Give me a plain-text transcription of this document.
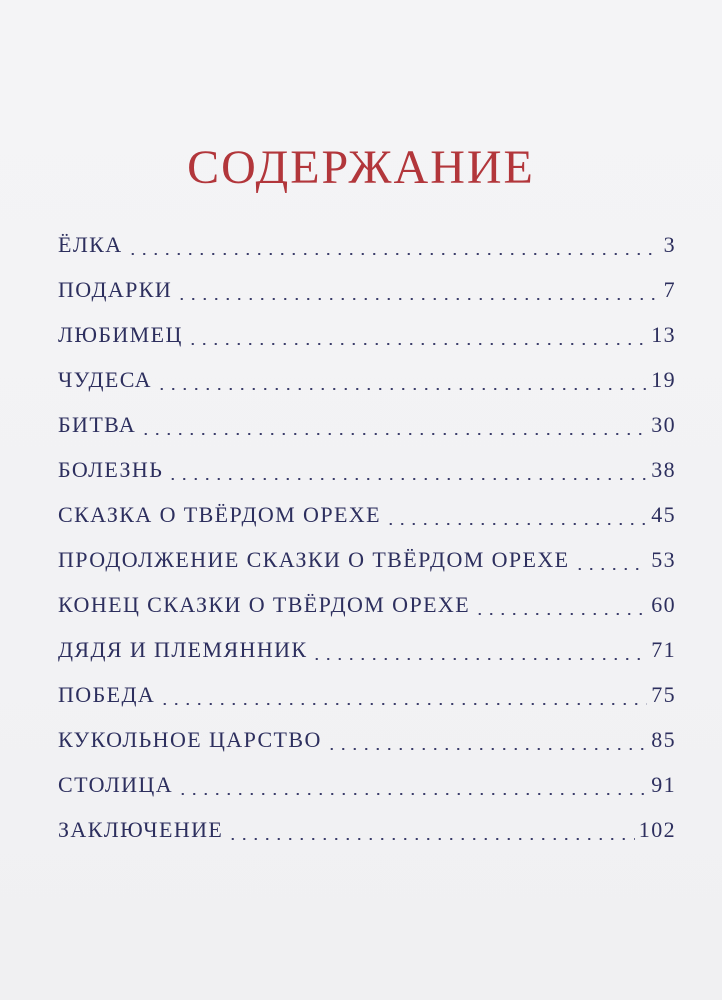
СОДЕРЖАНИЕ
ЁЛКА	3
ПОДАРКИ	7
ЛЮБИМЕЦ	13
ЧУДЕСА	19
БИТВА	30
БОЛЕЗНЬ	38
СКАЗКА О ТВЁРДОМ ОРЕХЕ	45
ПРОДОЛЖЕНИЕ СКАЗКИ О ТВЁРДОМ ОРЕХЕ	53
КОНЕЦ СКАЗКИ О ТВЁРДОМ ОРЕХЕ	60
ДЯДЯ И ПЛЕМЯННИК	71
ПОБЕДА	75
КУКОЛЬНОЕ ЦАРСТВО	85
СТОЛИЦА	91
ЗАКЛЮЧЕНИЕ	102
